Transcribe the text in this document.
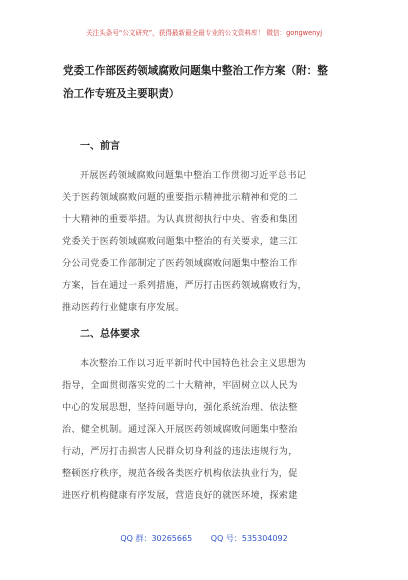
关注头条号“公文研究”，获得最新最全最专业的公文资料库！ 微信：gongwenyj
党委工作部医药领域腐败问题集中整治工作方案（附：整
治工作专班及主要职责）
一、前言

开展医药领域腐败问题集中整治工作贯彻习近平总书记
关于医药领域腐败问题的重要指示精神批示精神和党的二
十大精神的重要举措。为认真贯彻执行中央、省委和集团
党委关于医药领域腐败问题集中整治的有关要求，建三江
分公司党委工作部制定了医药领域腐败问题集中整治工作
方案，旨在通过一系列措施，严厉打击医药领域腐败行为，
推动医药行业健康有序发展。

二、总体要求

本次整治工作以习近平新时代中国特色社会主义思想为
指导，全面贯彻落实党的二十大精神，牢固树立以人民为
中心的发展思想，坚持问题导向，强化系统治理、依法整
治、健全机制。通过深入开展医药领域腐败问题集中整治
行动，严厉打击损害人民群众切身利益的违法违规行为，
整顿医疗秩序，规范各级各类医疗机构依法执业行为，促
进医疗机构健康有序发展，营造良好的就医环境，探索建

QQ 群：30265665 QQ 号：535304092
